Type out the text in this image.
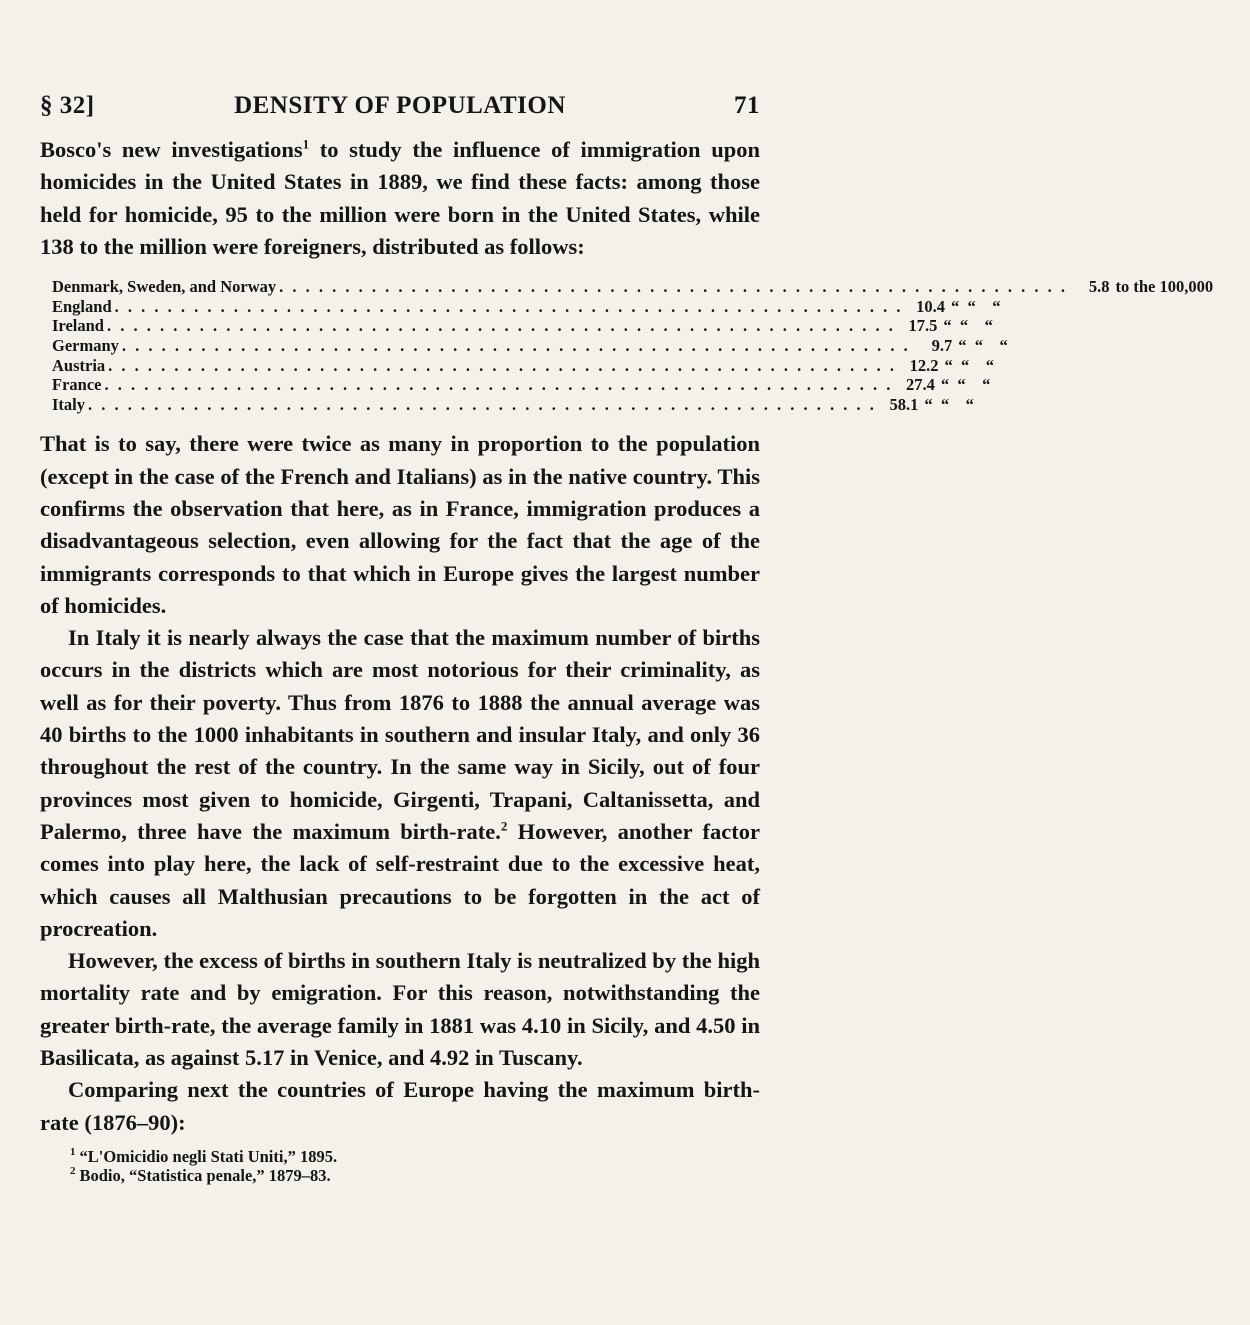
§ 32]	DENSITY OF POPULATION	71

Bosco's new investigations$^1$ to study the influence of immigration upon homicides in the United States in 1889, we find these facts: among those held for homicide, 95 to the million were born in the United States, while 138 to the million were foreigners, distributed as follows:

Denmark, Sweden, and Norway . . . . . . . . . . . . . . . . . . . . . . . . . . . . . . . . . . . . . . . . . . . . . . . . . . . . . . . . . . . .	5.8 to the 100,000
England . . . . . . . . . . . . . . . . . . . . . . . . . . . . . . . . . . . . . . . . . . . . . . . . . . . . . . . . . . . . 10.4 “  “    “
Ireland . . . . . . . . . . . . . . . . . . . . . . . . . . . . . . . . . . . . . . . . . . . . . . . . . . . . . . . . . . . . 17.5 “  “    “
Germany . . . . . . . . . . . . . . . . . . . . . . . . . . . . . . . . . . . . . . . . . . . . . . . . . . . . . . . . . . . .	9.7 “  “    “
Austria . . . . . . . . . . . . . . . . . . . . . . . . . . . . . . . . . . . . . . . . . . . . . . . . . . . . . . . . . . . . 12.2 “  “    “
France . . . . . . . . . . . . . . . . . . . . . . . . . . . . . . . . . . . . . . . . . . . . . . . . . . . . . . . . . . . . 27.4 “  “    “
Italy . . . . . . . . . . . . . . . . . . . . . . . . . . . . . . . . . . . . . . . . . . . . . . . . . . . . . . . . . . . . 58.1 “  “    “

That is to say, there were twice as many in proportion to the population (except in the case of the French and Italians) as in the native country. This confirms the observation that here, as in France, immigration produces a disadvantageous selection, even allowing for the fact that the age of the immigrants corresponds to that which in Europe gives the largest number of homicides.

In Italy it is nearly always the case that the maximum number of births occurs in the districts which are most notorious for their criminality, as well as for their poverty. Thus from 1876 to 1888 the annual average was 40 births to the 1000 inhabitants in southern and insular Italy, and only 36 throughout the rest of the country. In the same way in Sicily, out of four provinces most given to homicide, Girgenti, Trapani, Caltanissetta, and Palermo, three have the maximum birth-rate.$^2$ However, another factor comes into play here, the lack of self-restraint due to the excessive heat, which causes all Malthusian precautions to be forgotten in the act of procreation.

However, the excess of births in southern Italy is neutralized by the high mortality rate and by emigration. For this reason, notwithstanding the greater birth-rate, the average family in 1881 was 4.10 in Sicily, and 4.50 in Basilicata, as against 5.17 in Venice, and 4.92 in Tuscany.

Comparing next the countries of Europe having the maximum birth-rate (1876–90):

$^1$ “L'Omicidio negli Stati Uniti,” 1895.
$^2$ Bodio, “Statistica penale,” 1879–83.
